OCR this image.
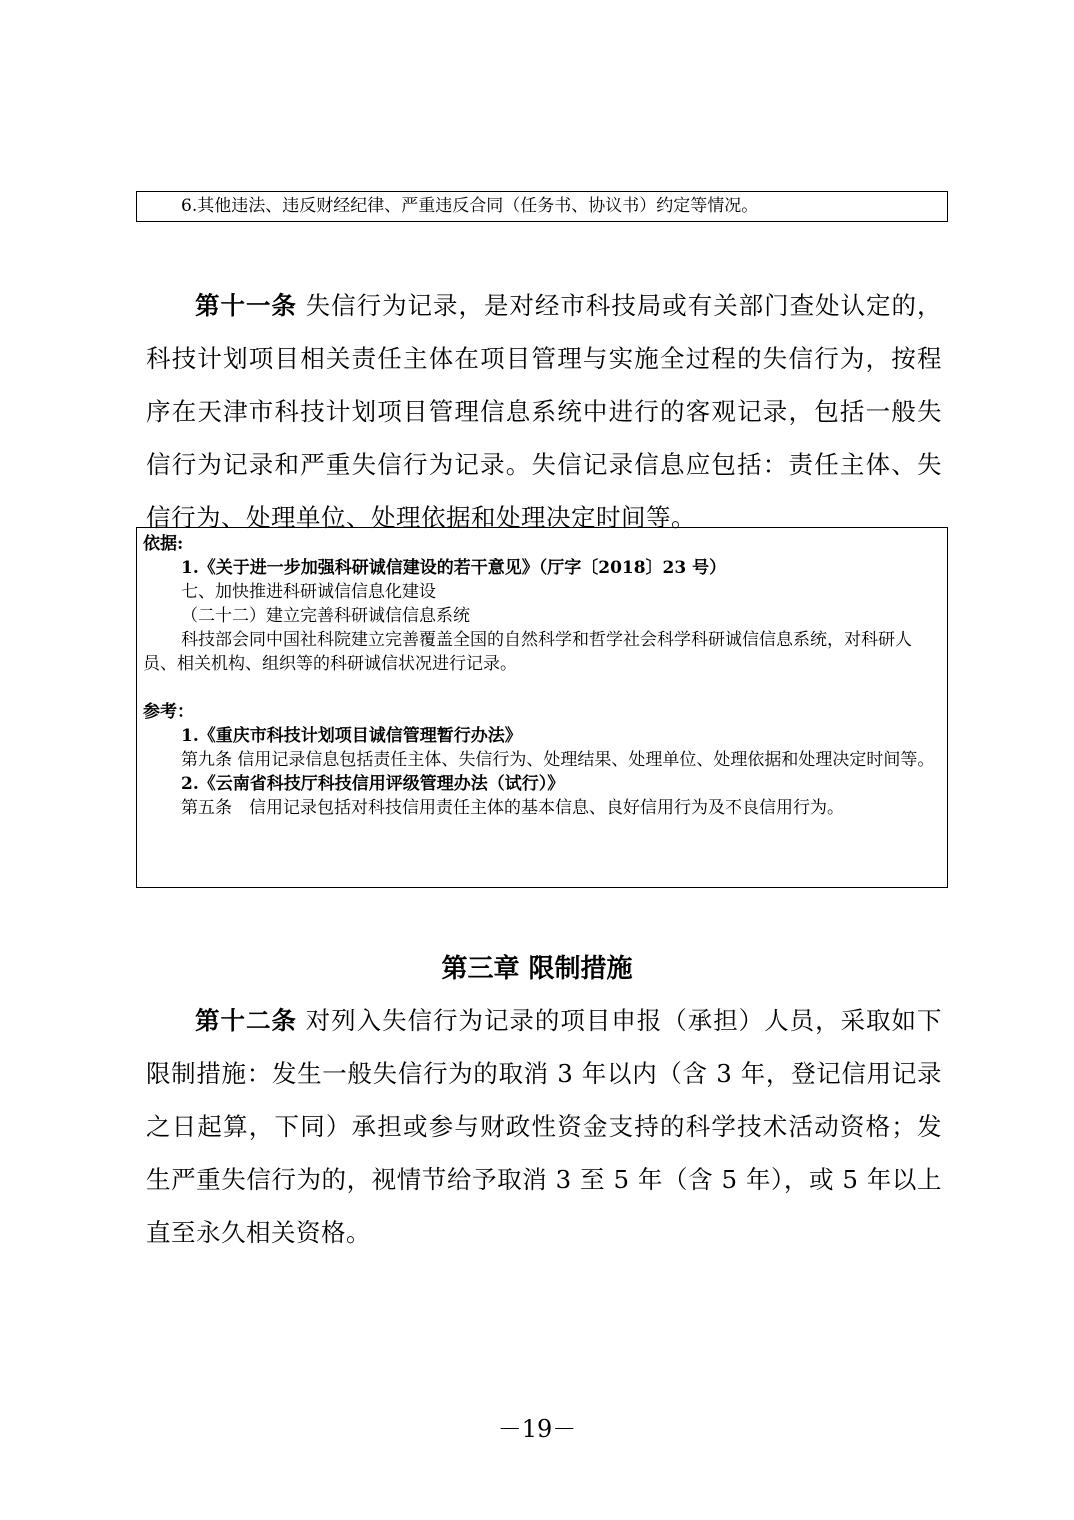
6.其他违法、违反财经纪律、严重违反合同（任务书、协议书）约定等情况。

第十一条 失信行为记录，是对经市科技局或有关部门查处认定的，科技计划项目相关责任主体在项目管理与实施全过程的失信行为，按程序在天津市科技计划项目管理信息系统中进行的客观记录，包括一般失信行为记录和严重失信行为记录。失信记录信息应包括：责任主体、失信行为、处理单位、处理依据和处理决定时间等。

依据:

1.《关于进一步加强科研诚信建设的若干意见》（厅字〔2018〕23 号）

七、加快推进科研诚信信息化建设

（二十二）建立完善科研诚信信息系统

科技部会同中国社科院建立完善覆盖全国的自然科学和哲学社会科学科研诚信信息系统，对科研人员、相关机构、组织等的科研诚信状况进行记录。

参考：

1.《重庆市科技计划项目诚信管理暂行办法》

第九条 信用记录信息包括责任主体、失信行为、处理结果、处理单位、处理依据和处理决定时间等。

2.《云南省科技厅科技信用评级管理办法（试行）》

第五条　信用记录包括对科技信用责任主体的基本信息、良好信用行为及不良信用行为。

第三章 限制措施

第十二条 对列入失信行为记录的项目申报（承担）人员，采取如下限制措施：发生一般失信行为的取消 3 年以内（含 3 年，登记信用记录之日起算，下同）承担或参与财政性资金支持的科学技术活动资格；发生严重失信行为的，视情节给予取消 3 至 5 年（含 5 年），或 5 年以上直至永久相关资格。

－19－
